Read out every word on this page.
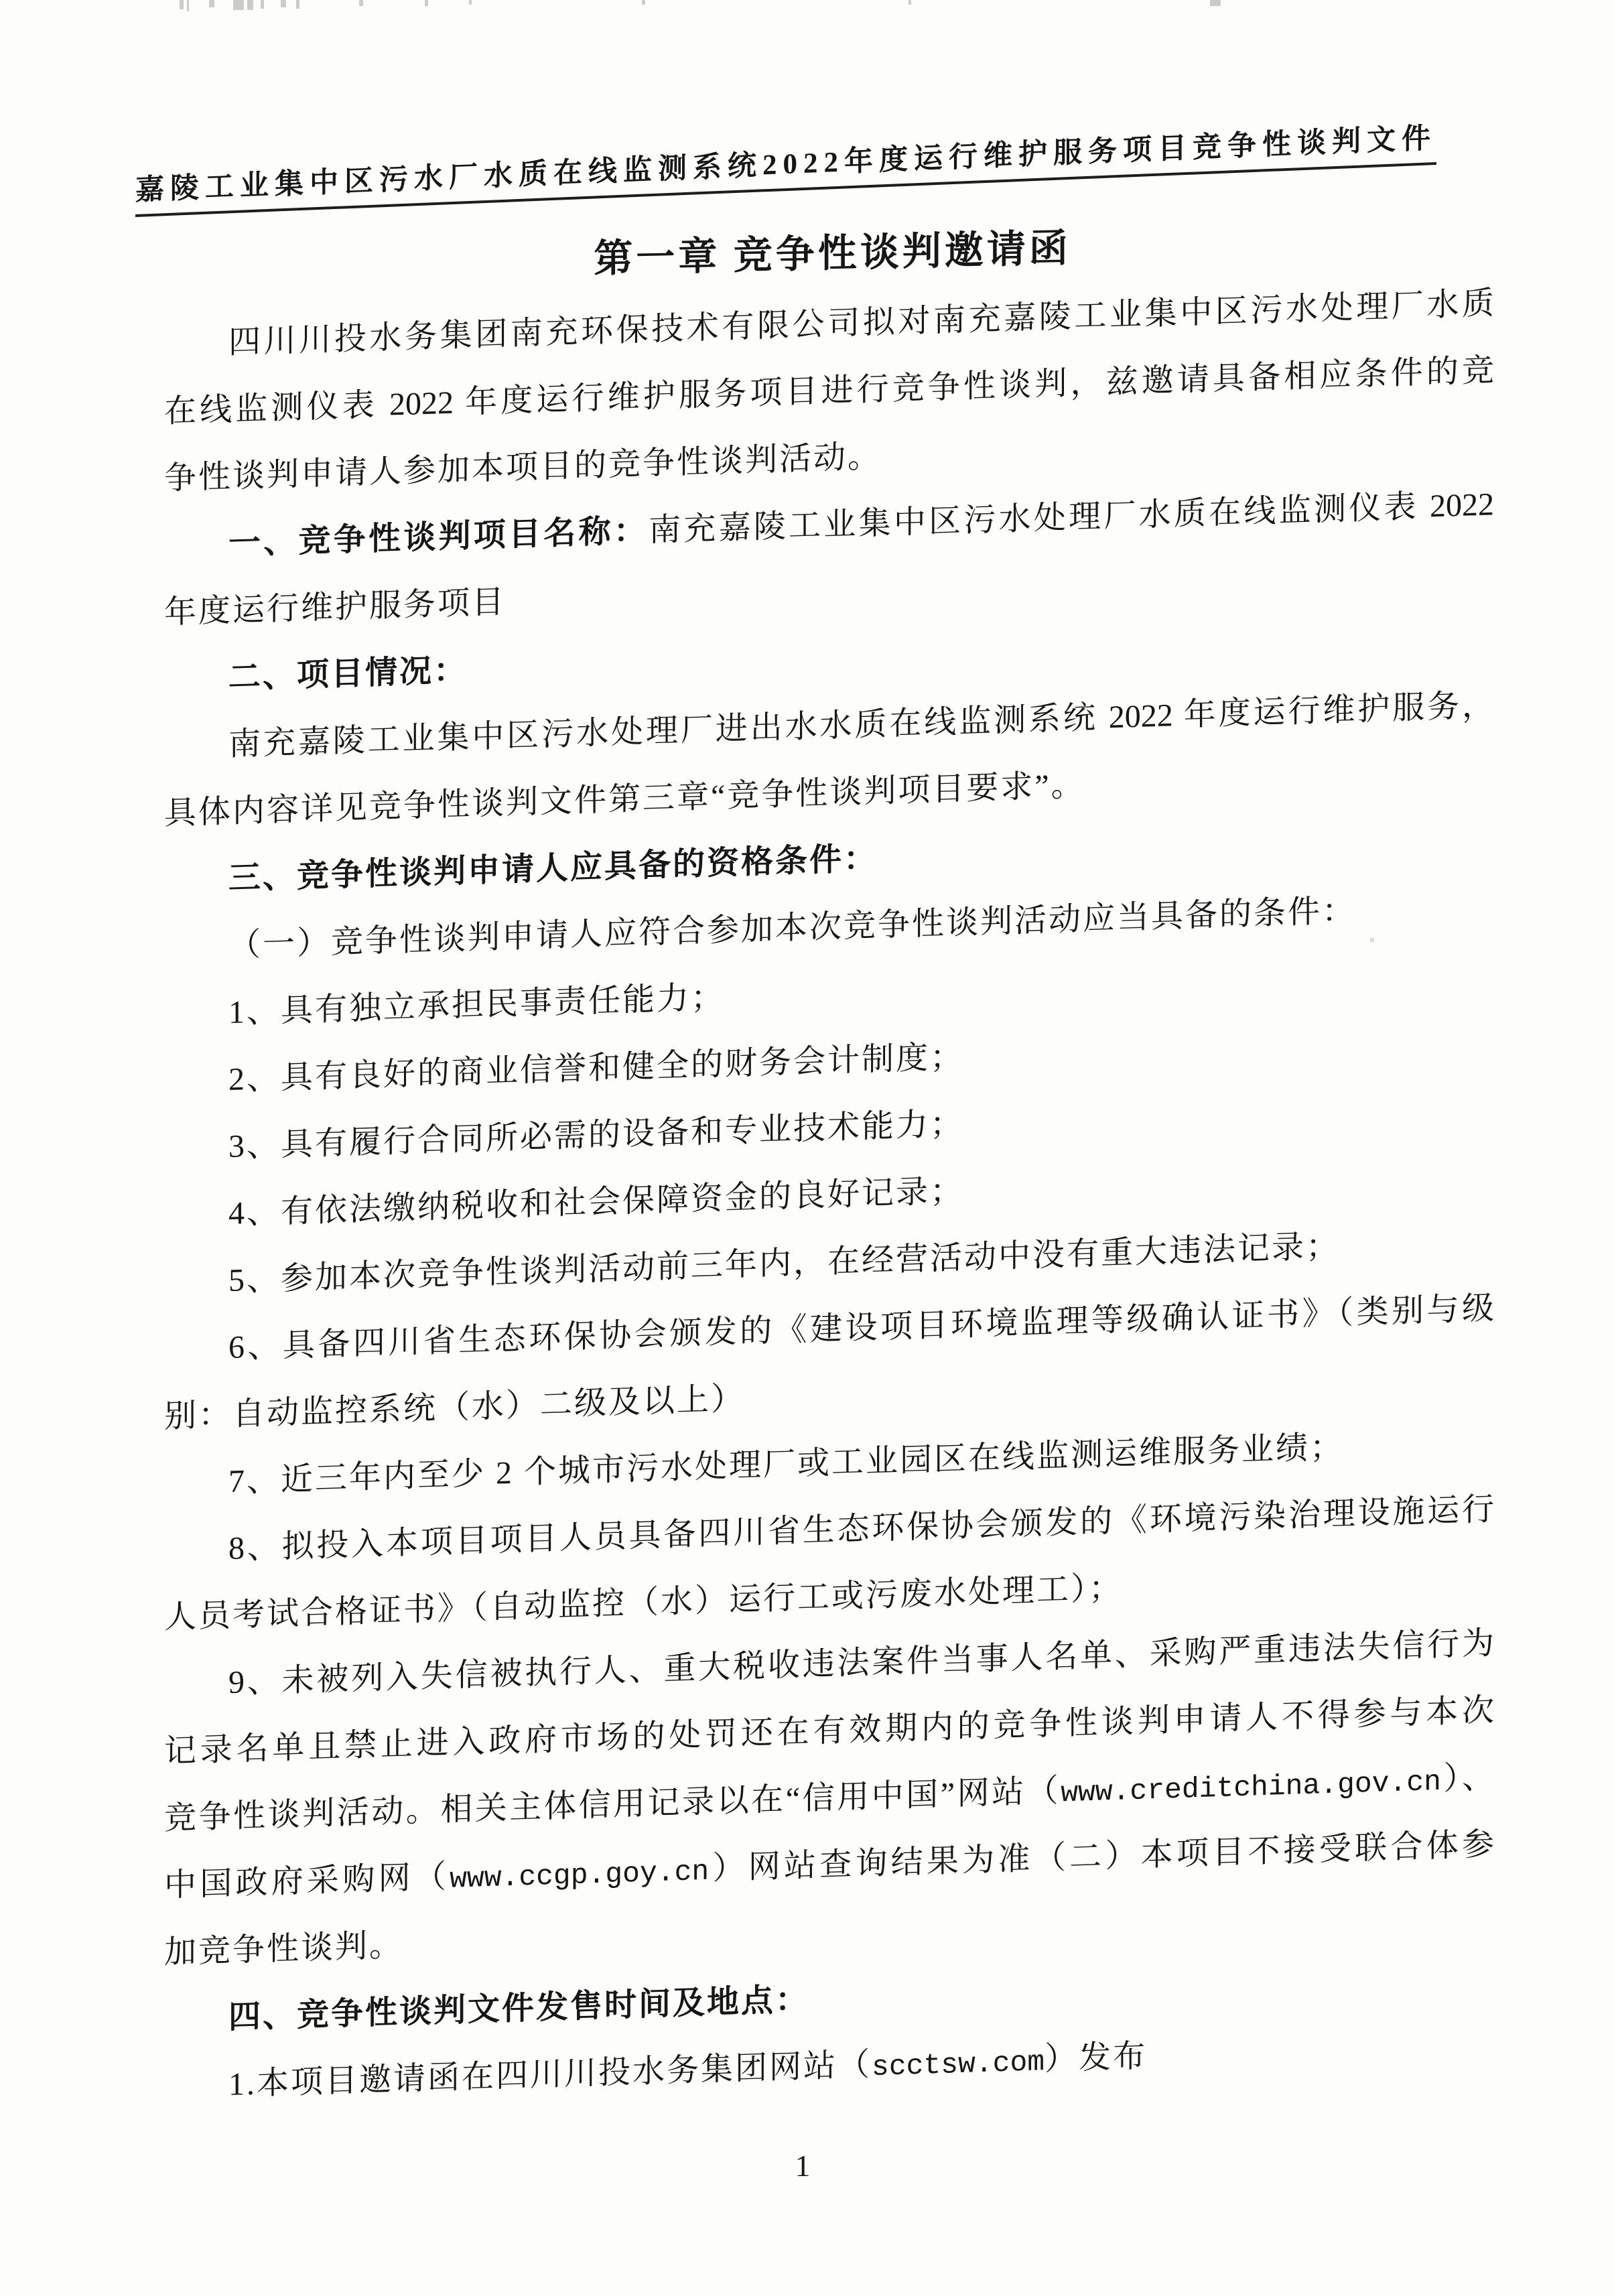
嘉陵工业集中区污水厂水质在线监测系统2022年度运行维护服务项目竞争性谈判文件
第一章 竞争性谈判邀请函
四川川投水务集团南充环保技术有限公司拟对南充嘉陵工业集中区污水处理厂水质
在线监测仪表 2022 年度运行维护服务项目进行竞争性谈判，兹邀请具备相应条件的竞
争性谈判申请人参加本项目的竞争性谈判活动。
一、竞争性谈判项目名称：南充嘉陵工业集中区污水处理厂水质在线监测仪表 2022
年度运行维护服务项目
二、项目情况：
南充嘉陵工业集中区污水处理厂进出水水质在线监测系统 2022 年度运行维护服务，
具体内容详见竞争性谈判文件第三章“竞争性谈判项目要求”。
三、竞争性谈判申请人应具备的资格条件：
（一）竞争性谈判申请人应符合参加本次竞争性谈判活动应当具备的条件：
1、具有独立承担民事责任能力；
2、具有良好的商业信誉和健全的财务会计制度；
3、具有履行合同所必需的设备和专业技术能力；
4、有依法缴纳税收和社会保障资金的良好记录；
5、参加本次竞争性谈判活动前三年内，在经营活动中没有重大违法记录；
6、具备四川省生态环保协会颁发的《建设项目环境监理等级确认证书》（类别与级
别：自动监控系统（水）二级及以上）
7、近三年内至少 2 个城市污水处理厂或工业园区在线监测运维服务业绩；
8、拟投入本项目项目人员具备四川省生态环保协会颁发的《环境污染治理设施运行
人员考试合格证书》（自动监控（水）运行工或污废水处理工）；
9、未被列入失信被执行人、重大税收违法案件当事人名单、采购严重违法失信行为
记录名单且禁止进入政府市场的处罚还在有效期内的竞争性谈判申请人不得参与本次
竞争性谈判活动。相关主体信用记录以在“信用中国”网站（www.creditchina.gov.cn）、
中国政府采购网（www.ccgp.goy.cn）网站查询结果为准（二）本项目不接受联合体参
加竞争性谈判。
四、竞争性谈判文件发售时间及地点：
1.本项目邀请函在四川川投水务集团网站（scctsw.com）发布
1
